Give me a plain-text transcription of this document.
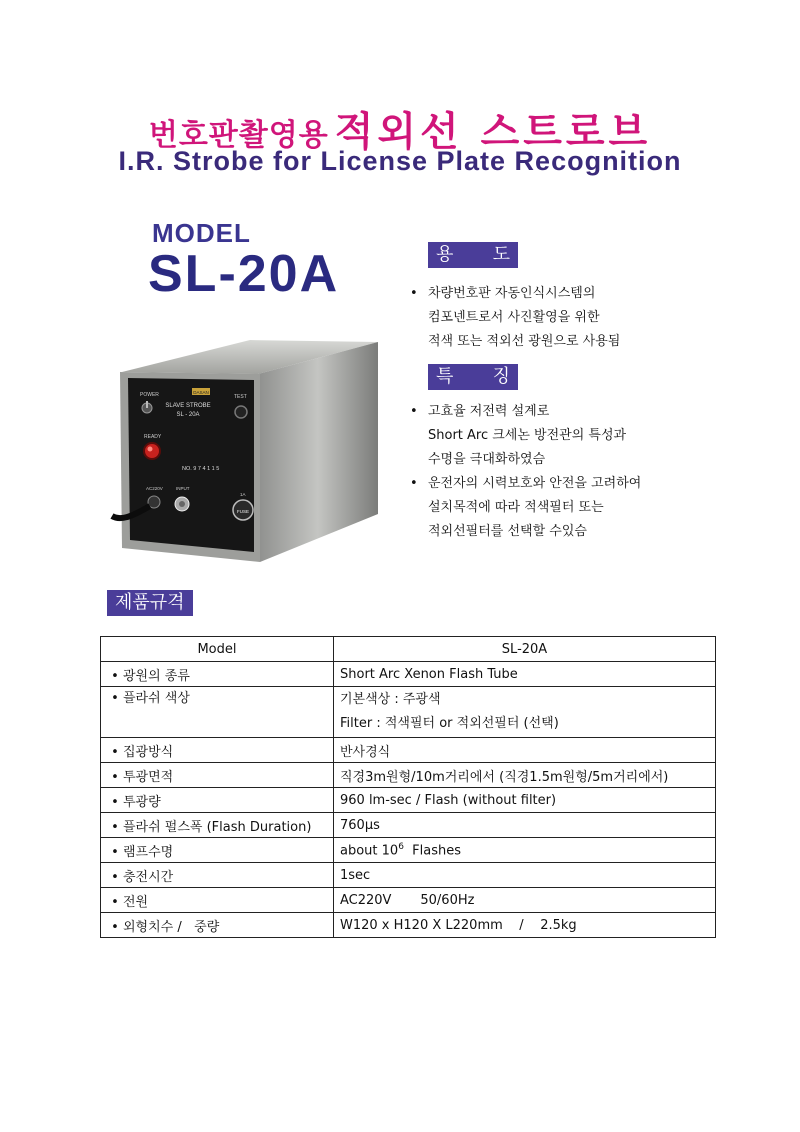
번호판촬영용 적외선 스트로브
I.R. Strobe for License Plate Recognition
MODEL
SL-20A
DASAN
SLAVE STROBE
SL - 20A
POWER	TEST
READY
NO. 9 7 4 1 1 5
AC220V	INPUT
1A
FUSE
용 도

• 차량번호판 자동인식시스템의

컴포넨트로서 사진활영을 위한

적색 또는 적외선 광원으로 사용됨

특 징

• 고효율 저전력 설계로

Short Arc 크세논 방전관의 특성과

수명을 극대화하였슴

• 운전자의 시력보호와 안전을 고려하여

설치목적에 따라 적색필터 또는

적외선필터를 선택할 수있슴

제품규격
Model	SL-20A
• 광원의 종류	Short Arc Xenon Flash Tube

• 플라쉬 색상	기본색상 : 주광색
Filter : 적색필터 or 적외선필터 (선택)

• 집광방식	반사경식
• 투광면적	직경3m원형/10m거리에서 (직경1.5m원형/5m거리에서)
• 투광량	960 lm-sec / Flash (without filter)
• 플라쉬 펄스폭 (Flash Duration)	760μs
• 램프수명	about $10^6$  Flashes
• 충전시간	1sec
• 전원	AC220V       50/60Hz
• 외형치수 /   중량	W120 x H120 X L220mm    /    2.5kg
